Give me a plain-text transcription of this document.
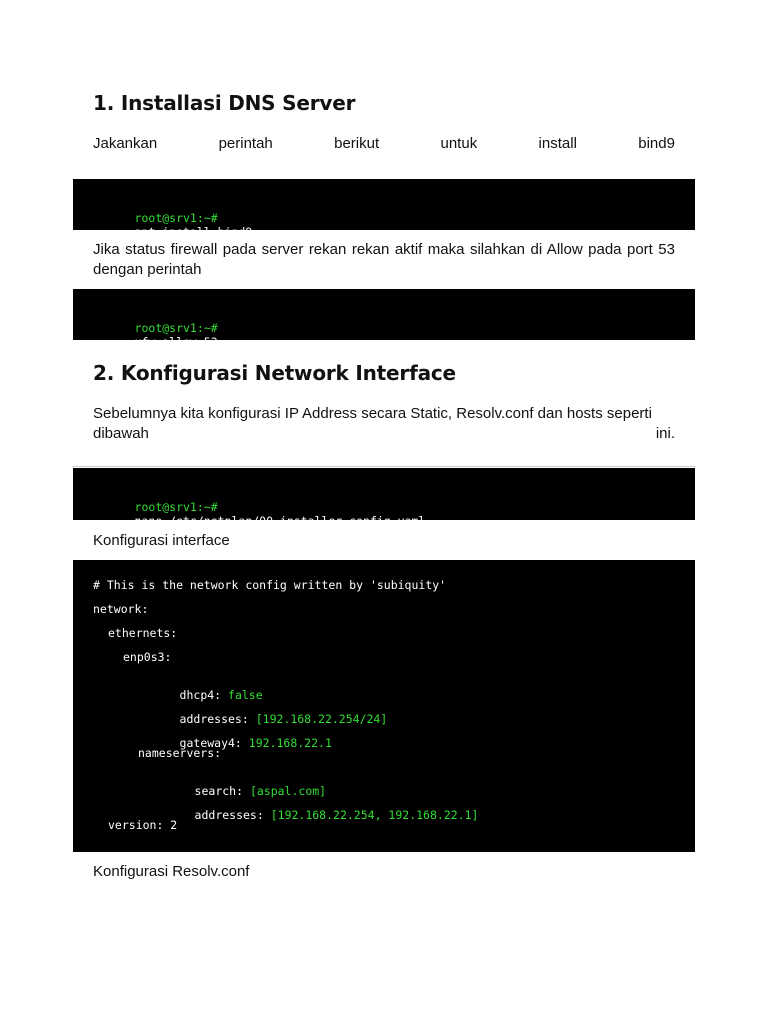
1. Installasi DNS Server
Jakankan	perintah	berikut	untuk	install	bind9

root@srv1:~#
apt install bind9

Jika status firewall pada server rekan rekan aktif maka silahkan di Allow pada port 53 dengan perintah

root@srv1:~#
ufw allow 53

2. Konfigurasi Network Interface
Sebelumnya kita konfigurasi IP Address secara Static, Resolv.conf dan hosts seperti
dibawah	ini.

root@srv1:~#
nano /etc/netplan/00-installer-config.yaml

Konfigurasi interface

# This is the network config written by 'subiquity'
network:
ethernets:
enp0s3:

dhcp4: false

addresses: [192.168.22.254/24]

gateway4: 192.168.22.1

nameservers:

search: [aspal.com]

addresses: [192.168.22.254, 192.168.22.1]

version: 2

Konfigurasi Resolv.conf
